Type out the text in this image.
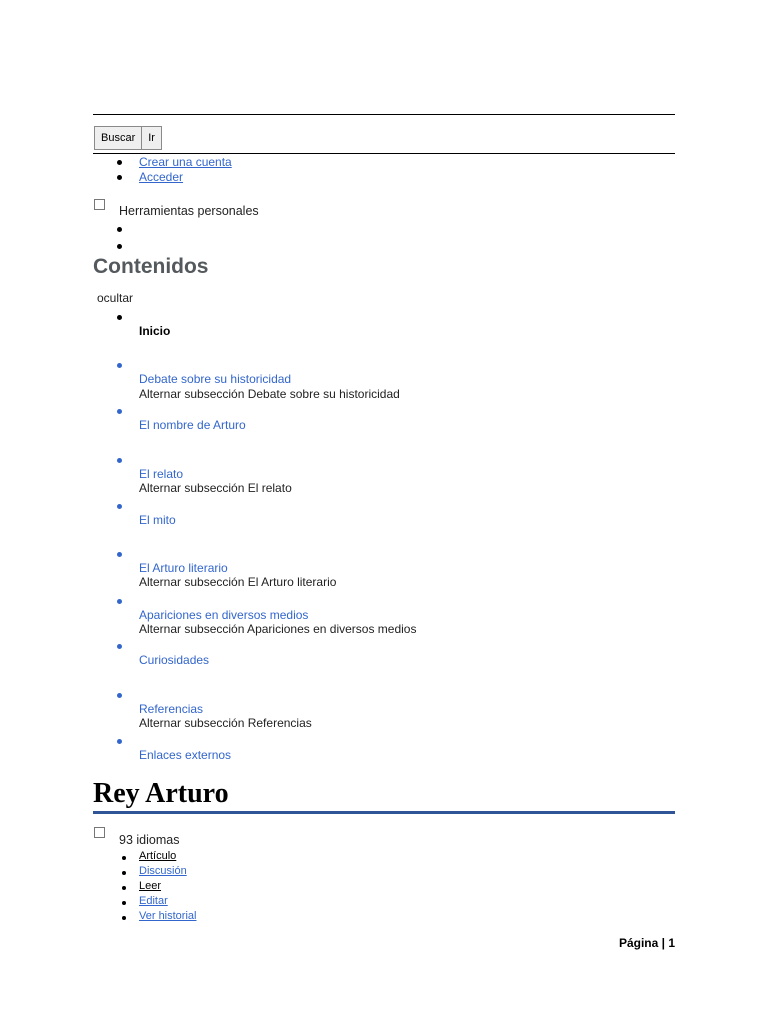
Buscar	Ir
Crear una cuenta
Acceder
Herramientas personales
Contenidos
ocultar
Inicio
Debate sobre su historicidad
Alternar subsección Debate sobre su historicidad
El nombre de Arturo
El relato
Alternar subsección El relato
El mito
El Arturo literario
Alternar subsección El Arturo literario
Apariciones en diversos medios
Alternar subsección Apariciones en diversos medios
Curiosidades
Referencias
Alternar subsección Referencias
Enlaces externos
Rey Arturo
93 idiomas
Artículo
Discusión
Leer
Editar
Ver historial
Página | 1
